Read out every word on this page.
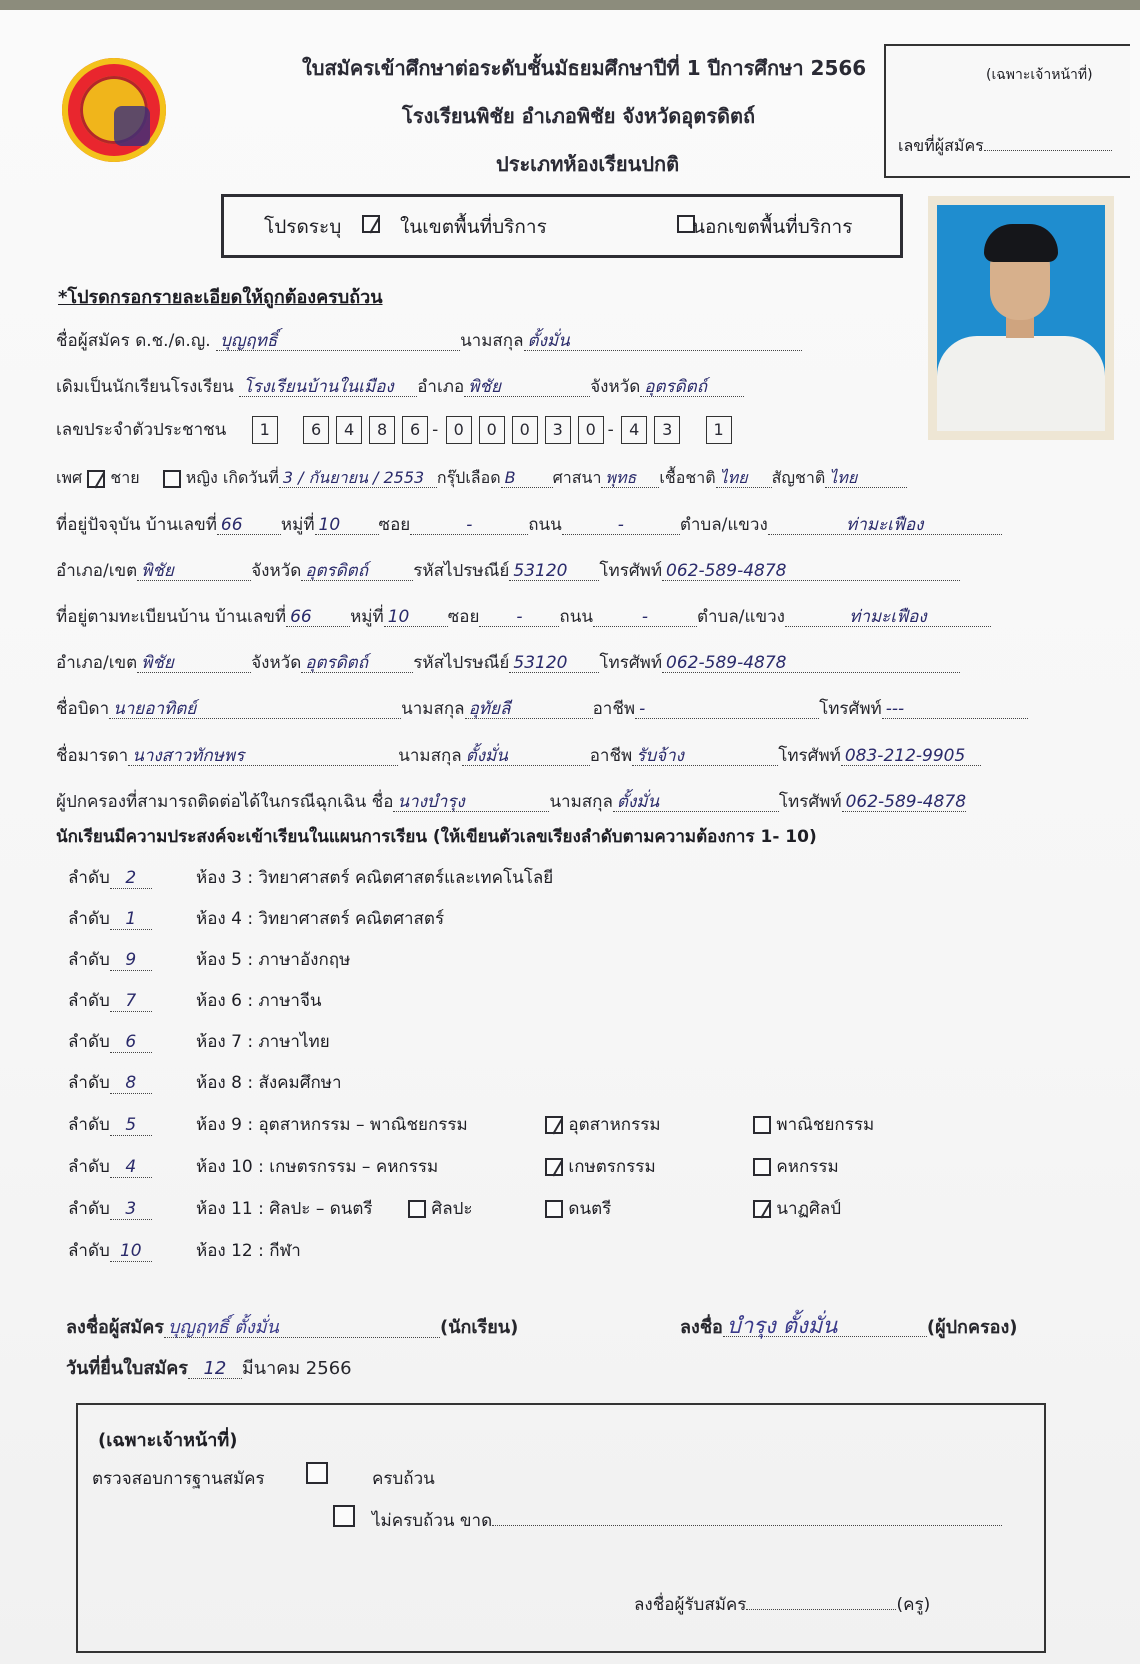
ใบสมัครเข้าศึกษาต่อระดับชั้นมัธยมศึกษาปีที่ 1 ปีการศึกษา 2566
โรงเรียนพิชัย อำเภอพิชัย จังหวัดอุตรดิตถ์
ประเภทห้องเรียนปกติ
(เฉพาะเจ้าหน้าที่)
เลขที่ผู้สมัคร
โปรดระบุ
	ในเขตพื้นที่บริการ	นอกเขตพื้นที่บริการ
*โปรดกรอกรายละเอียดให้ถูกต้องครบถ้วน
ชื่อผู้สมัคร ด.ช./ด.ญ. บุญฤทธิ์	นามสกุล ตั้งมั่น
เดิมเป็นนักเรียนโรงเรียน โรงเรียนบ้านในเมือง อำเภอ พิชัย	จังหวัด อุตรดิตถ์
เลขประจำตัวประชาชน 1	6 4 8 6 - 0 0 0 3 0 - 4 3	1
เพศ ชาย	หญิง เกิดวันที่ 3 / กันยายน / 2553 กรุ๊ปเลือด B ศาสนา พุทธ เชื้อชาติ ไทย สัญชาติ ไทย
ที่อยู่ปัจจุบัน บ้านเลขที่ 66 หมู่ที่ 10 ซอย	-	ถนน	-	ตำบล/แขวง	ท่ามะเฟือง
อำเภอ/เขต พิชัย	จังหวัด อุตรดิตถ์	รหัสไปรษณีย์ 53120 โทรศัพท์ 062-589-4878
ที่อยู่ตามทะเบียนบ้าน บ้านเลขที่ 66 หมู่ที่ 10 ซอย - ถนน	-	ตำบล/แขวง	ท่ามะเฟือง
อำเภอ/เขต พิชัย	จังหวัด อุตรดิตถ์	รหัสไปรษณีย์ 53120 โทรศัพท์ 062-589-4878
ชื่อบิดา นายอาทิตย์	นามสกุล อุทัยลี	อาชีพ -	โทรศัพท์ ---
ชื่อมารดา นางสาวทักษพร	นามสกุล ตั้งมั่น	อาชีพ รับจ้าง	โทรศัพท์ 083-212-9905
ผู้ปกครองที่สามารถติดต่อได้ในกรณีฉุกเฉิน ชื่อ นางบำรุง	นามสกุล ตั้งมั่น	โทรศัพท์ 062-589-4878
นักเรียนมีความประสงค์จะเข้าเรียนในแผนการเรียน (ให้เขียนตัวเลขเรียงลำดับตามความต้องการ 1- 10)
ลำดับ 2	ห้อง 3 : วิทยาศาสตร์ คณิตศาสตร์และเทคโนโลยี
ลำดับ 1	ห้อง 4 : วิทยาศาสตร์ คณิตศาสตร์
ลำดับ 9	ห้อง 5 : ภาษาอังกฤษ
ลำดับ 7	ห้อง 6 : ภาษาจีน
ลำดับ 6	ห้อง 7 : ภาษาไทย
ลำดับ 8	ห้อง 8 : สังคมศึกษา
ลำดับ 5	ห้อง 9 : อุตสาหกรรม – พาณิชยกรรม	อุตสาหกรรม	พาณิชยกรรม
ลำดับ 4	ห้อง 10 : เกษตรกรรม – คหกรรม	เกษตรกรรม	คหกรรม
ลำดับ 3	ห้อง 11 : ศิลปะ – ดนตรี	ศิลปะ	ดนตรี	นาฏศิลป์
ลำดับ 10	ห้อง 12 : กีฬา
ลงชื่อผู้สมัคร บุญฤทธิ์ ตั้งมั่น	(นักเรียน)	ลงชื่อ บำรุง ตั้งมั่น	(ผู้ปกครอง)
วันที่ยื่นใบสมัคร 12 มีนาคม 2566
(เฉพาะเจ้าหน้าที่)
ตรวจสอบการฐานสมัคร
	ครบถ้วน
ไม่ครบถ้วน ขาด
ลงชื่อผู้รับสมัคร	(ครู)
